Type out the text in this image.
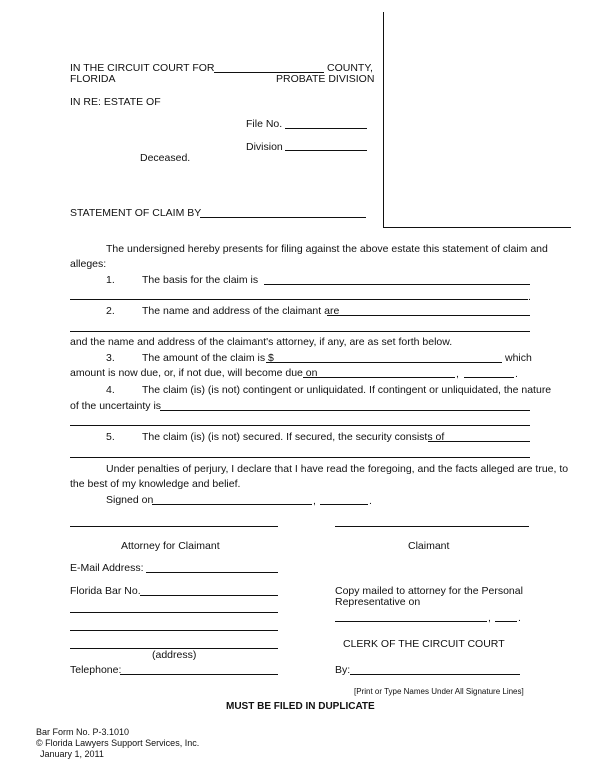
IN THE CIRCUIT COURT FOR	COUNTY,
FLORIDA	PROBATE DIVISION
IN RE: ESTATE OF
File No.
Division
Deceased.
STATEMENT OF CLAIM BY
The undersigned hereby presents for filing against the above estate this statement of claim and
alleges:
1.	The basis for the claim is
.
2.	The name and address of the claimant are
and the name and address of the claimant's attorney, if any, are as set forth below.
3.	The amount of the claim is $	which
amount is now due, or, if not due, will become due on	,	.
4.	The claim (is) (is not) contingent or unliquidated. If contingent or unliquidated, the nature
of the uncertainty is
5.	The claim (is) (is not) secured. If secured, the security consists of
Under penalties of perjury, I declare that I have read the foregoing, and the facts alleged are true, to
the best of my knowledge and belief.
Signed on	,	.
Attorney for Claimant	Claimant
E-Mail Address:
Florida Bar No.	Copy mailed to attorney for the Personal
Representative on
,	.
CLERK OF THE CIRCUIT COURT
(address)
Telephone:	By:
[Print or Type Names Under All Signature Lines]
MUST BE FILED IN DUPLICATE
Bar Form No. P-3.1010
© Florida Lawyers Support Services, Inc.
January 1, 2011
